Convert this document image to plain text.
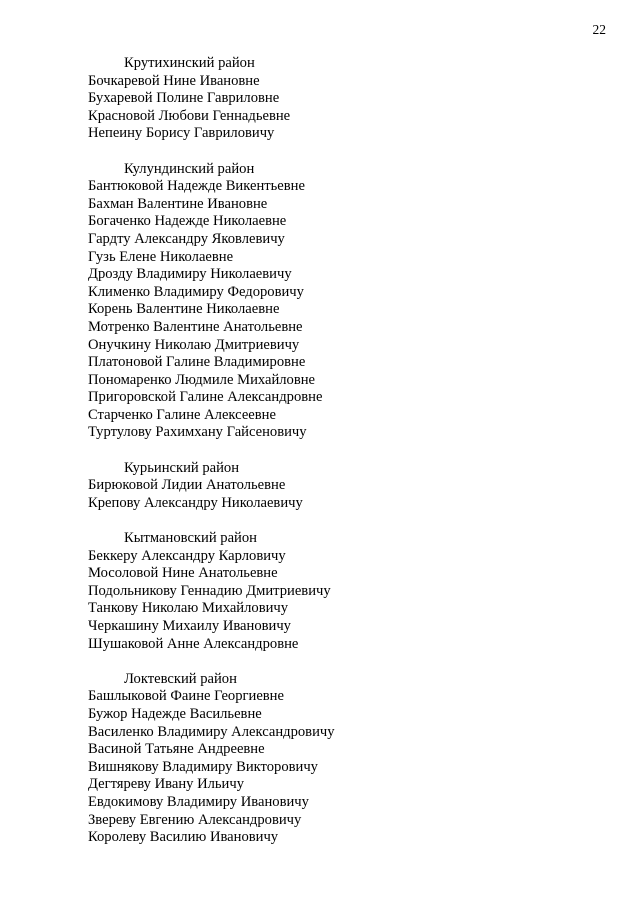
22
Крутихинский район
Бочкаревой Нине Ивановне
Бухаревой Полине Гавриловне
Красновой Любови Геннадьевне
Непеину Борису Гавриловичу
Кулундинский район
Бантюковой Надежде Викентьевне
Бахман Валентине Ивановне
Богаченко Надежде Николаевне
Гардту Александру Яковлевичу
Гузь Елене Николаевне
Дрозду Владимиру Николаевичу
Клименко Владимиру Федоровичу
Корень Валентине Николаевне
Мотренко Валентине Анатольевне
Онучкину Николаю Дмитриевичу
Платоновой Галине Владимировне
Пономаренко Людмиле Михайловне
Пригоровской Галине Александровне
Старченко Галине Алексеевне
Туртулову Рахимхану Гайсеновичу
Курьинский район
Бирюковой Лидии Анатольевне
Крепову Александру Николаевичу
Кытмановский район
Беккеру Александру Карловичу
Мосоловой Нине Анатольевне
Подольникову Геннадию Дмитриевичу
Танкову Николаю Михайловичу
Черкашину Михаилу Ивановичу
Шушаковой Анне Александровне
Локтевский район
Башлыковой Фаине Георгиевне
Бужор Надежде Васильевне
Василенко Владимиру Александровичу
Васиной Татьяне Андреевне
Вишнякову Владимиру Викторовичу
Дегтяреву Ивану Ильичу
Евдокимову Владимиру Ивановичу
Звереву Евгению Александровичу
Королеву Василию Ивановичу
